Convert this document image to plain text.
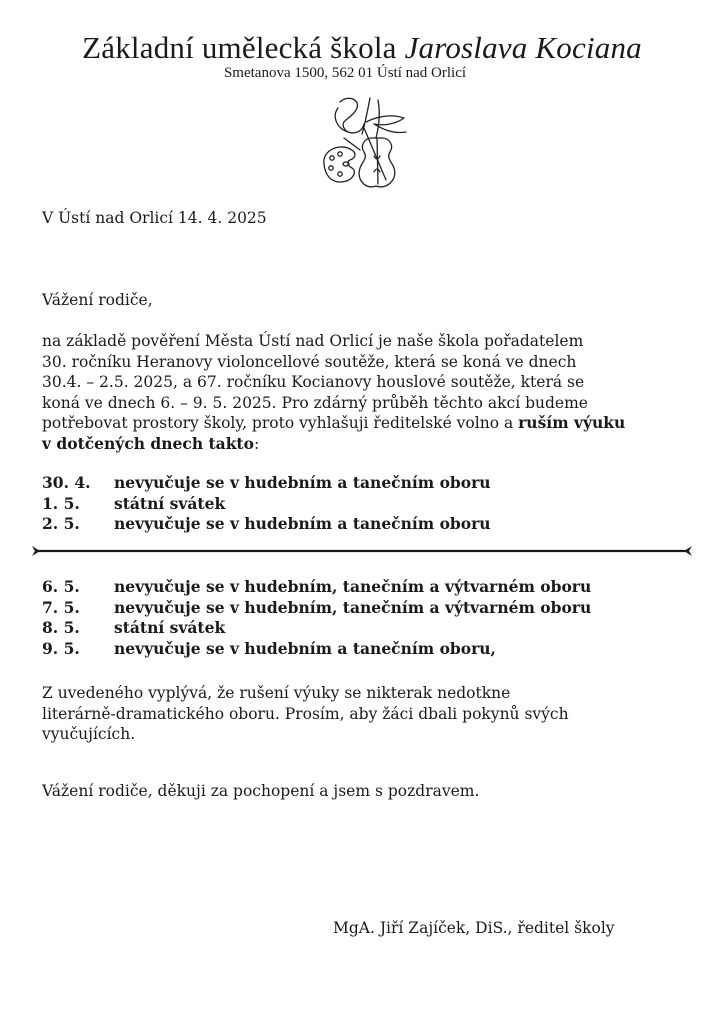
Základní umělecká škola Jaroslava Kociana
Smetanova 1500, 562 01 Ústí nad Orlicí
V Ústí nad Orlicí 14. 4. 2025
Vážení rodiče,
na základě pověření Města Ústí nad Orlicí je naše škola pořadatelem
30. ročníku Heranovy violoncellové soutěže, která se koná ve dnech
30.4. – 2.5. 2025, a 67. ročníku Kocianovy houslové soutěže, která se
koná ve dnech 6. – 9. 5. 2025. Pro zdárný průběh těchto akcí budeme
potřebovat prostory školy, proto vyhlašuji ředitelské volno a ruším výuku
v dotčených dnech takto:
30. 4.	nevyučuje se v hudebním a tanečním oboru
1. 5.	státní svátek
2. 5.	nevyučuje se v hudebním a tanečním oboru
6. 5.	nevyučuje se v hudebním, tanečním a výtvarném oboru
7. 5.	nevyučuje se v hudebním, tanečním a výtvarném oboru
8. 5.	státní svátek
9. 5.	nevyučuje se v hudebním a tanečním oboru,
Z uvedeného vyplývá, že rušení výuky se nikterak nedotkne
literárně-dramatického oboru. Prosím, aby žáci dbali pokynů svých
vyučujících.
Vážení rodiče, děkuji za pochopení a jsem s pozdravem.
MgA. Jiří Zajíček, DiS., ředitel školy
